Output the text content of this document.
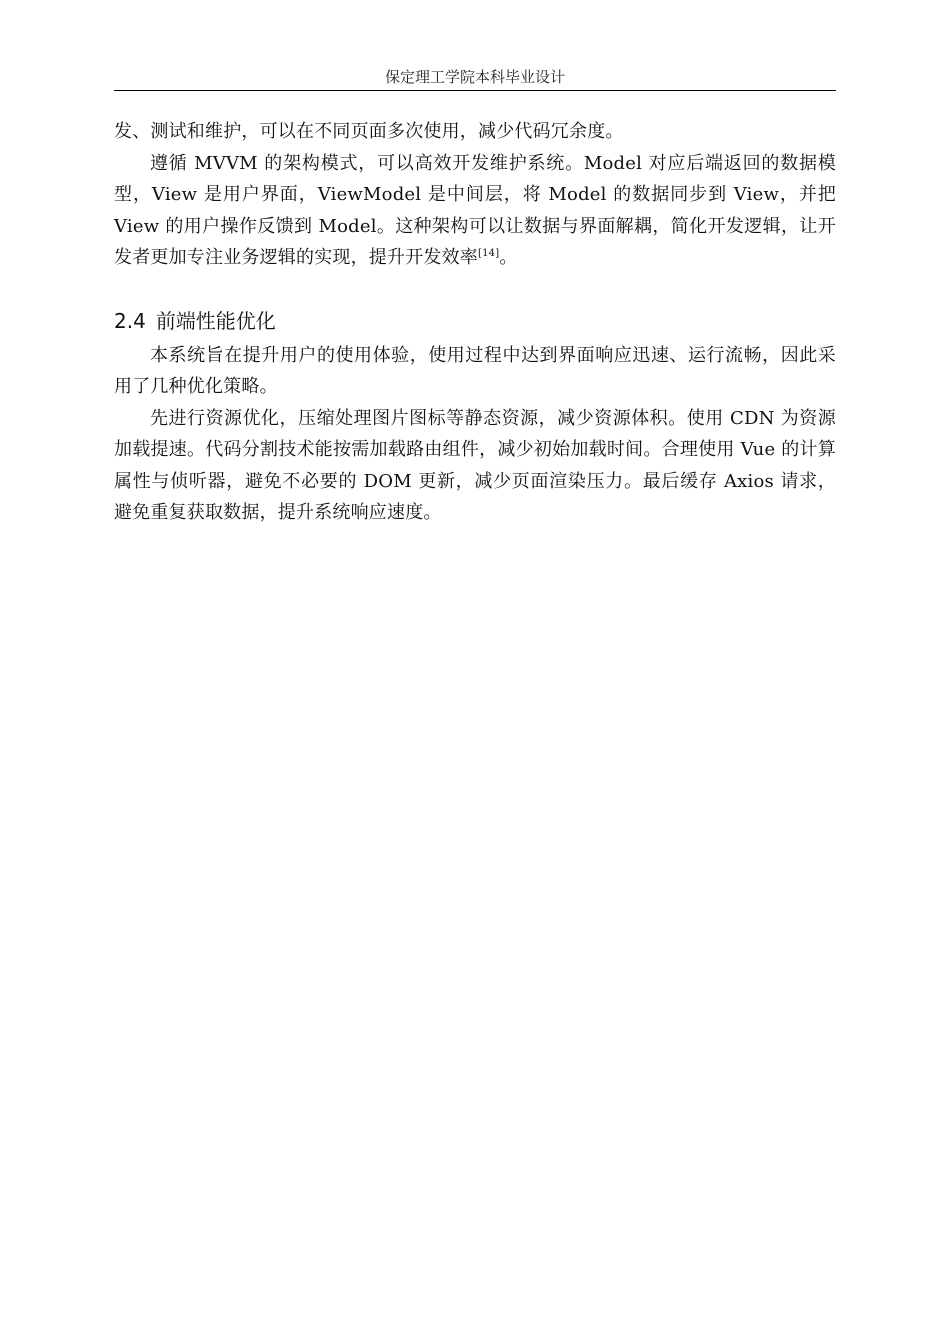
保定理工学院本科毕业设计

发、测试和维护，可以在不同页面多次使用，减少代码冗余度。

遵循 MVVM 的架构模式，可以高效开发维护系统。Model 对应后端返回的数据模型，View 是用户界面，ViewModel 是中间层，将 Model 的数据同步到 View，并把 View 的用户操作反馈到 Model。这种架构可以让数据与界面解耦，简化开发逻辑，让开发者更加专注业务逻辑的实现，提升开发效率[14]。

2.4 前端性能优化

本系统旨在提升用户的使用体验，使用过程中达到界面响应迅速、运行流畅，因此采用了几种优化策略。

先进行资源优化，压缩处理图片图标等静态资源，减少资源体积。使用 CDN 为资源加载提速。代码分割技术能按需加载路由组件，减少初始加载时间。合理使用 Vue 的计算属性与侦听器，避免不必要的 DOM 更新，减少页面渲染压力。最后缓存 Axios 请求，避免重复获取数据，提升系统响应速度。
